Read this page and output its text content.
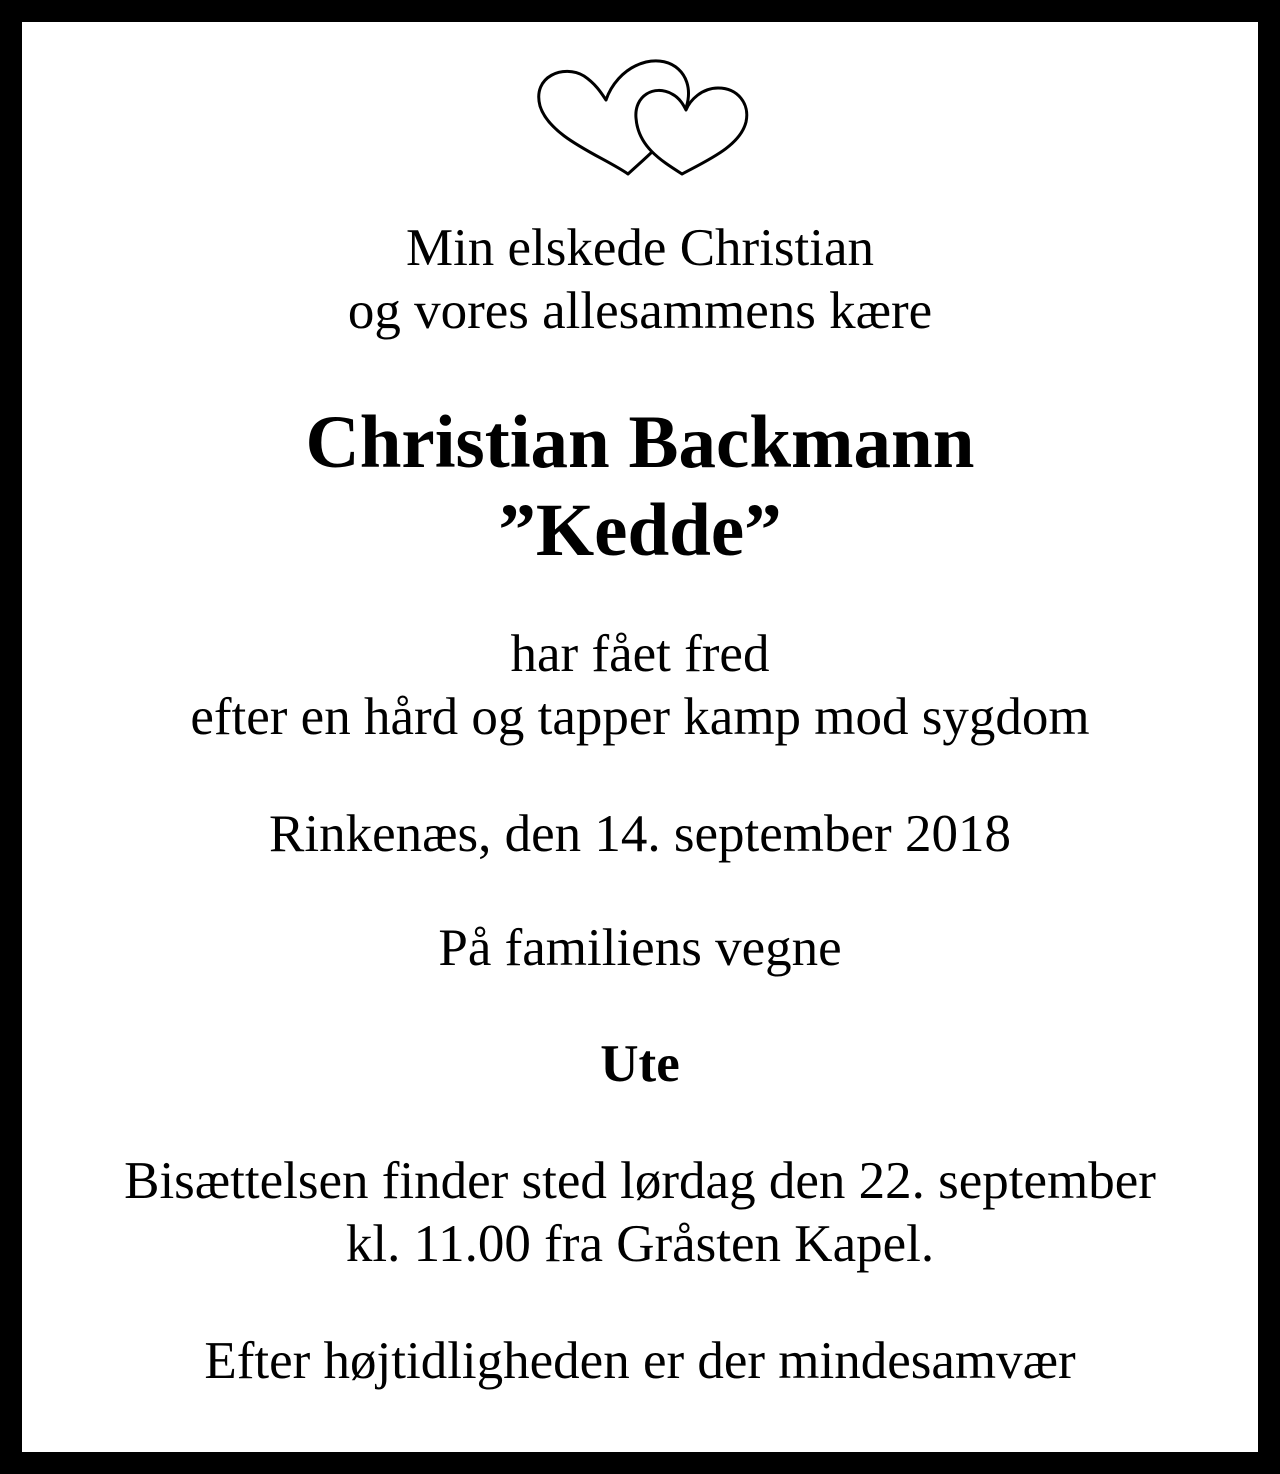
Min elskede Christian
og vores allesammens kære
Christian Backmann
”Kedde”
har fået fred
efter en hård og tapper kamp mod sygdom
Rinkenæs, den 14. september 2018
På familiens vegne
Ute
Bisættelsen finder sted lørdag den 22. september
kl. 11.00 fra Gråsten Kapel.
Efter højtidligheden er der mindesamvær
